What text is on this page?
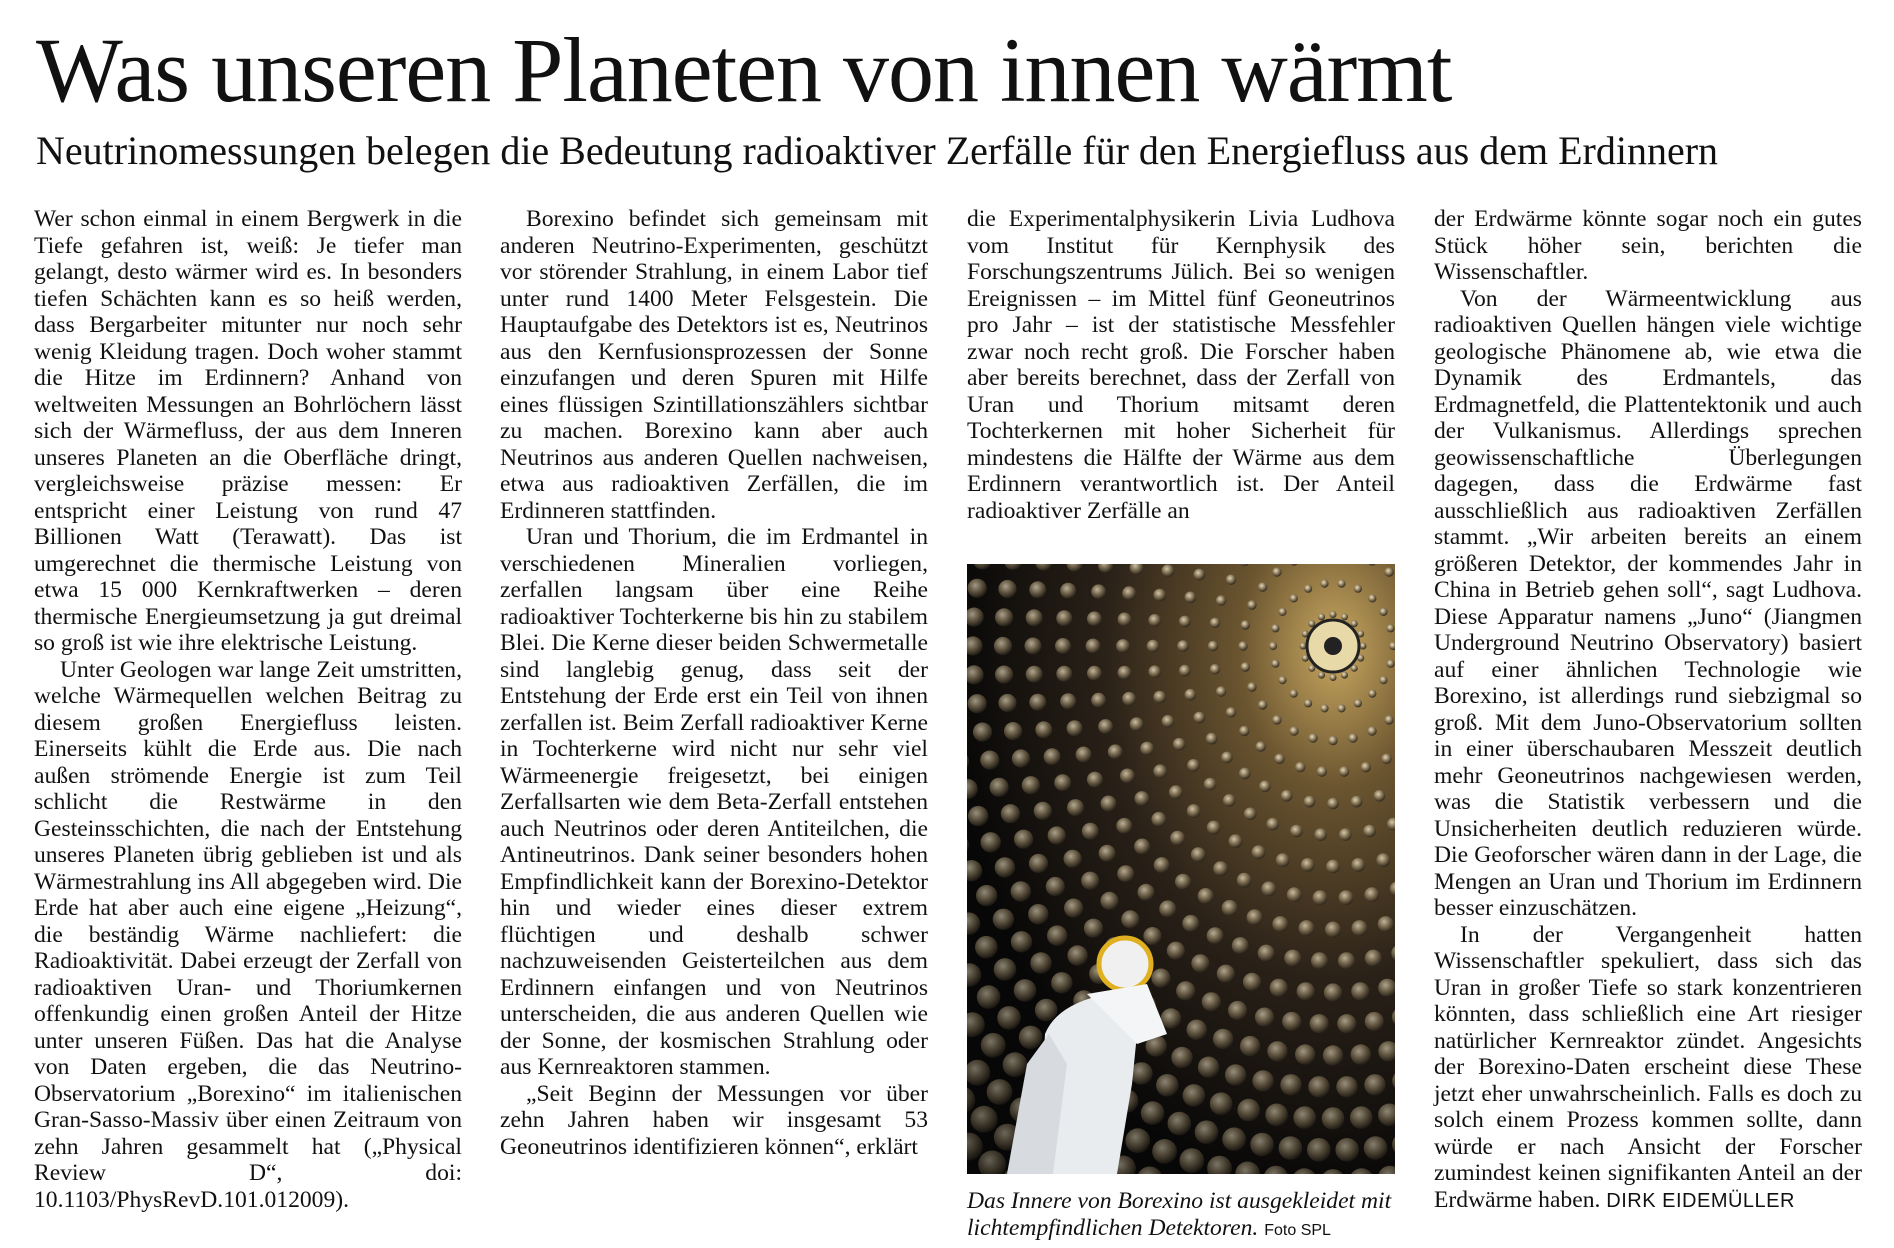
Was unseren Planeten von innen wärmt
Neutrinomessungen belegen die Bedeutung radioaktiver Zerfälle für den Energiefluss aus dem Erdinnern

Wer schon einmal in einem Bergwerk in die Tiefe gefahren ist, weiß: Je tiefer man gelangt, desto wärmer wird es. In besonders tiefen Schächten kann es so heiß werden, dass Bergarbeiter mitunter nur noch sehr wenig Kleidung tragen. Doch woher stammt die Hitze im Erdinnern? Anhand von weltweiten Messungen an Bohrlöchern lässt sich der Wärmefluss, der aus dem Inneren unseres Planeten an die Oberfläche dringt, vergleichsweise präzise messen: Er entspricht einer Leistung von rund 47 Billionen Watt (Terawatt). Das ist umgerechnet die thermische Leistung von etwa 15 000 Kernkraftwerken – deren thermische Energieumsetzung ja gut dreimal so groß ist wie ihre elektrische Leistung.

Unter Geologen war lange Zeit umstritten, welche Wärmequellen welchen Beitrag zu diesem großen Energiefluss leisten. Einerseits kühlt die Erde aus. Die nach außen strömende Energie ist zum Teil schlicht die Restwärme in den Gesteinsschichten, die nach der Entstehung unseres Planeten übrig geblieben ist und als Wärmestrahlung ins All abgegeben wird. Die Erde hat aber auch eine eigene „Heizung“, die beständig Wärme nachliefert: die Radioaktivität. Dabei erzeugt der Zerfall von radioaktiven Uran- und Thoriumkernen offenkundig einen großen Anteil der Hitze unter unseren Füßen. Das hat die Analyse von Daten ergeben, die das Neutrino-Observatorium „Borexino“ im italienischen Gran-Sasso-Massiv über einen Zeitraum von zehn Jahren gesammelt hat („Physical Review D“, doi: 10.1103/PhysRevD.101.012009).

Borexino befindet sich gemeinsam mit anderen Neutrino-Experimenten, geschützt vor störender Strahlung, in einem Labor tief unter rund 1400 Meter Felsgestein. Die Hauptaufgabe des Detektors ist es, Neutrinos aus den Kernfusionsprozessen der Sonne einzufangen und deren Spuren mit Hilfe eines flüssigen Szintillationszählers sichtbar zu machen. Borexino kann aber auch Neutrinos aus anderen Quellen nachweisen, etwa aus radioaktiven Zerfällen, die im Erdinneren stattfinden.

Uran und Thorium, die im Erdmantel in verschiedenen Mineralien vorliegen, zerfallen langsam über eine Reihe radioaktiver Tochterkerne bis hin zu stabilem Blei. Die Kerne dieser beiden Schwermetalle sind langlebig genug, dass seit der Entstehung der Erde erst ein Teil von ihnen zerfallen ist. Beim Zerfall radioaktiver Kerne in Tochterkerne wird nicht nur sehr viel Wärmeenergie freigesetzt, bei einigen Zerfallsarten wie dem Beta-Zerfall entstehen auch Neutrinos oder deren Antiteilchen, die Antineutrinos. Dank seiner besonders hohen Empfindlichkeit kann der Borexino-Detektor hin und wieder eines dieser extrem flüchtigen und deshalb schwer nachzuweisenden Geisterteilchen aus dem Erdinnern einfangen und von Neutrinos unterscheiden, die aus anderen Quellen wie der Sonne, der kosmischen Strahlung oder aus Kernreaktoren stammen.

„Seit Beginn der Messungen vor über zehn Jahren haben wir insgesamt 53 Geoneutrinos identifizieren können“, erklärt

die Experimentalphysikerin Livia Ludhova vom Institut für Kernphysik des Forschungszentrums Jülich. Bei so wenigen Ereignissen – im Mittel fünf Geoneutrinos pro Jahr – ist der statistische Messfehler zwar noch recht groß. Die Forscher haben aber bereits berechnet, dass der Zerfall von Uran und Thorium mitsamt deren Tochterkernen mit hoher Sicherheit für mindestens die Hälfte der Wärme aus dem Erdinnern verantwortlich ist. Der Anteil radioaktiver Zerfälle an

Das Innere von Borexino ist ausgekleidet mit lichtempfindlichen Detektoren. Foto SPL

der Erdwärme könnte sogar noch ein gutes Stück höher sein, berichten die Wissenschaftler.

Von der Wärmeentwicklung aus radioaktiven Quellen hängen viele wichtige geologische Phänomene ab, wie etwa die Dynamik des Erdmantels, das Erdmagnetfeld, die Plattentektonik und auch der Vulkanismus. Allerdings sprechen geowissenschaftliche Überlegungen dagegen, dass die Erdwärme fast ausschließlich aus radioaktiven Zerfällen stammt. „Wir arbeiten bereits an einem größeren Detektor, der kommendes Jahr in China in Betrieb gehen soll“, sagt Ludhova. Diese Apparatur namens „Juno“ (Jiangmen Underground Neutrino Observatory) basiert auf einer ähnlichen Technologie wie Borexino, ist allerdings rund siebzigmal so groß. Mit dem Juno-Observatorium sollten in einer überschaubaren Messzeit deutlich mehr Geoneutrinos nachgewiesen werden, was die Statistik verbessern und die Unsicherheiten deutlich reduzieren würde. Die Geoforscher wären dann in der Lage, die Mengen an Uran und Thorium im Erdinnern besser einzuschätzen.

In der Vergangenheit hatten Wissenschaftler spekuliert, dass sich das Uran in großer Tiefe so stark konzentrieren könnten, dass schließlich eine Art riesiger natürlicher Kernreaktor zündet. Angesichts der Borexino-Daten erscheint diese These jetzt eher unwahrscheinlich. Falls es doch zu solch einem Prozess kommen sollte, dann würde er nach Ansicht der Forscher zumindest keinen signifikanten Anteil an der Erdwärme haben. DIRK EIDEMÜLLER
